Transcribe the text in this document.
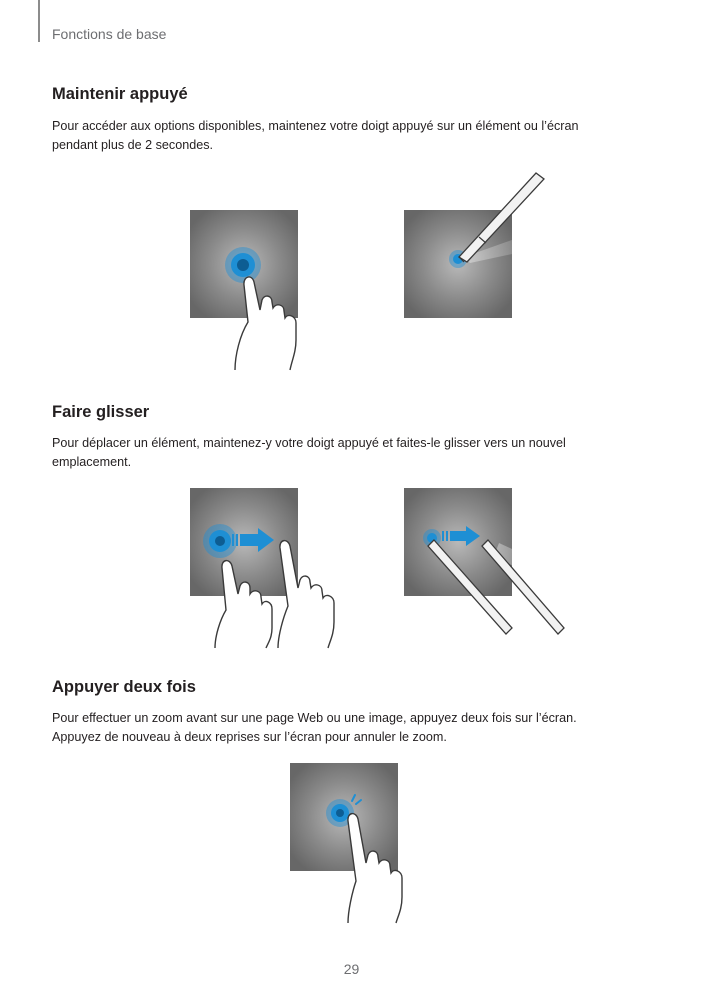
Fonctions de base
Maintenir appuyé
Pour accéder aux options disponibles, maintenez votre doigt appuyé sur un élément ou l’écran
pendant plus de 2 secondes.
Faire glisser
Pour déplacer un élément, maintenez-y votre doigt appuyé et faites-le glisser vers un nouvel
emplacement.
Appuyer deux fois
Pour effectuer un zoom avant sur une page Web ou une image, appuyez deux fois sur l’écran.
Appuyez de nouveau à deux reprises sur l’écran pour annuler le zoom.
29
